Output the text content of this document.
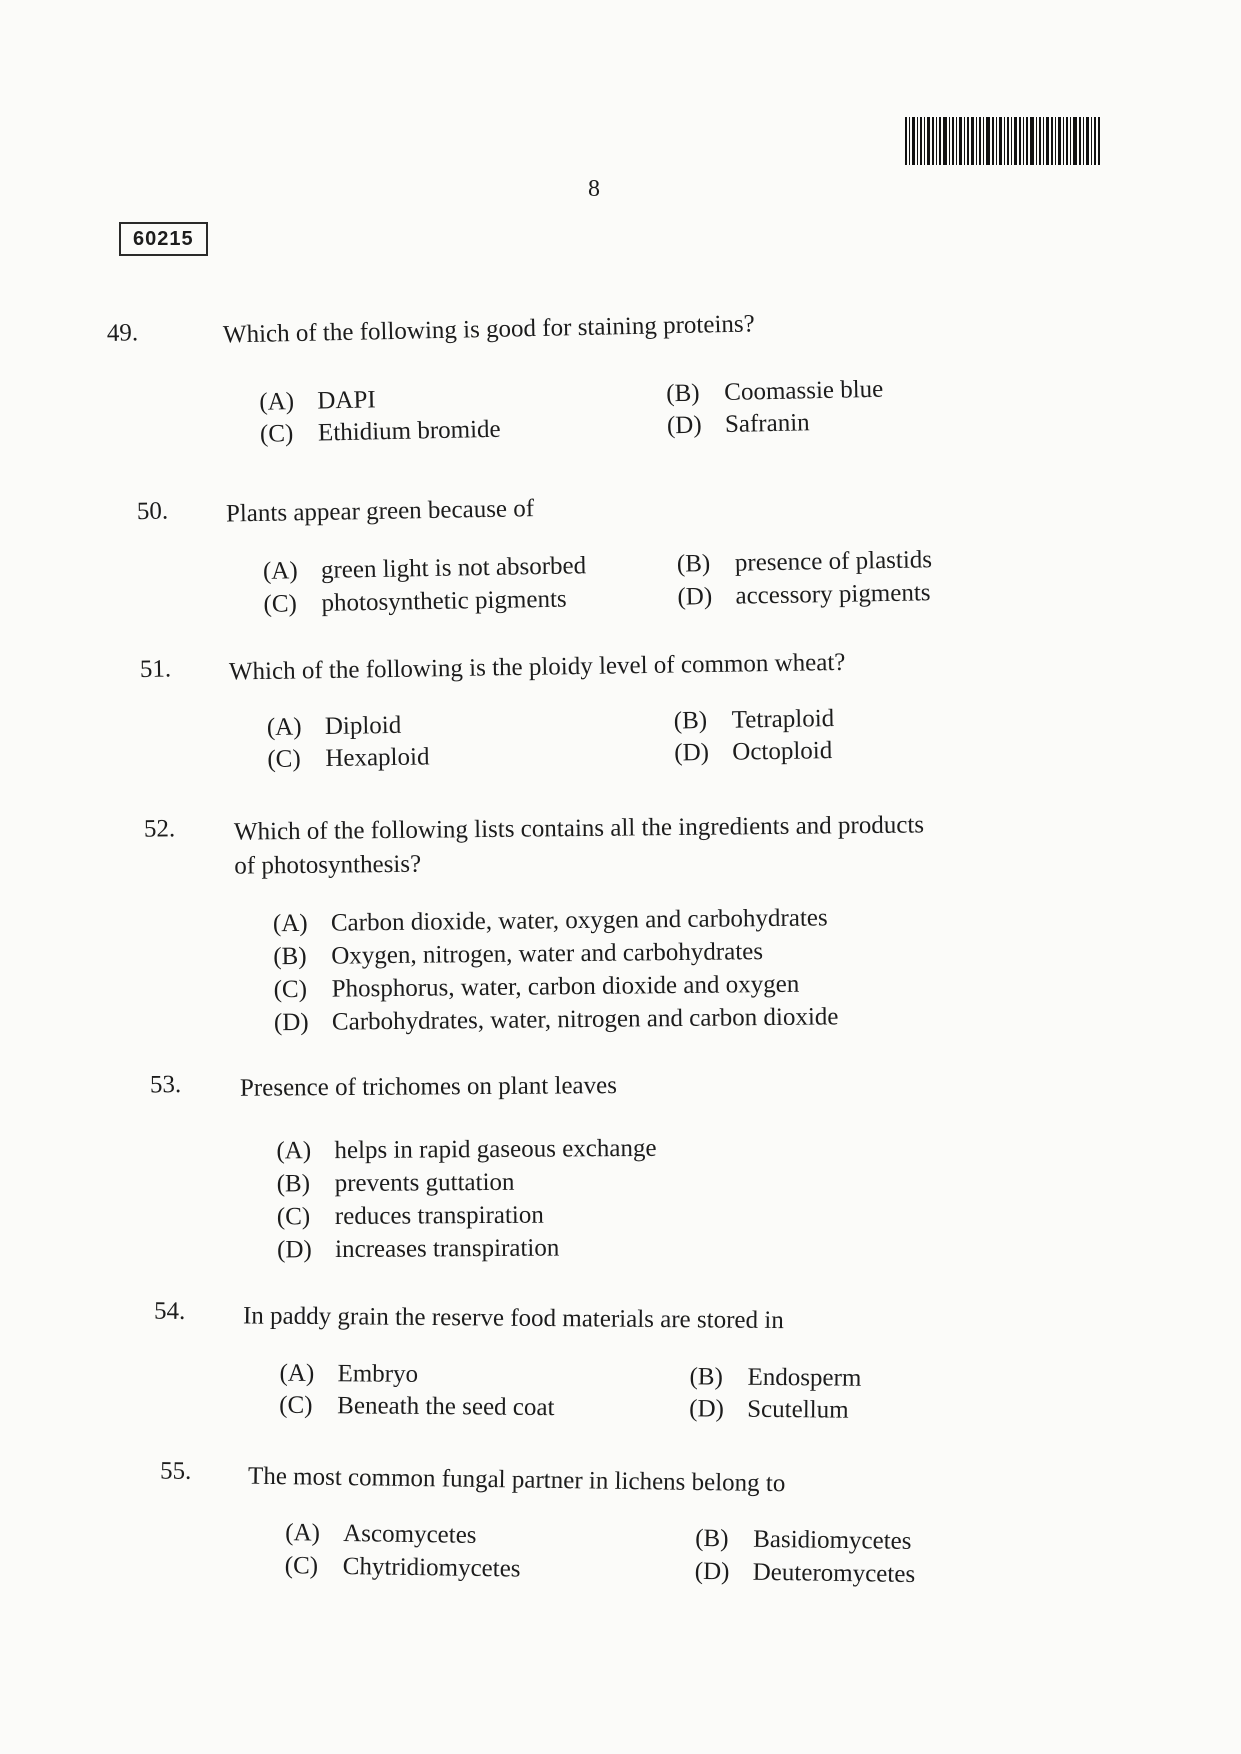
8
60215
49.	Which of the following is good for staining proteins?
(A) DAPI	(B) Coomassie blue
(C) Ethidium bromide	(D) Safranin
50.	Plants appear green because of
(A) green light is not absorbed	(B) presence of plastids
(C) photosynthetic pigments	(D) accessory pigments
51.	Which of the following is the ploidy level of common wheat?
(A) Diploid	(B) Tetraploid
(C) Hexaploid	(D) Octoploid
52.	Which of the following lists contains all the ingredients and products
of photosynthesis?
(A) Carbon dioxide, water, oxygen and carbohydrates
(B) Oxygen, nitrogen, water and carbohydrates
(C) Phosphorus, water, carbon dioxide and oxygen
(D) Carbohydrates, water, nitrogen and carbon dioxide
53.	Presence of trichomes on plant leaves
(A) helps in rapid gaseous exchange
(B) prevents guttation
(C) reduces transpiration
(D) increases transpiration
54.	In paddy grain the reserve food materials are stored in
(A) Embryo	(B) Endosperm
(C) Beneath the seed coat	(D) Scutellum
55.	The most common fungal partner in lichens belong to
(A) Ascomycetes	(B) Basidiomycetes
(C) Chytridiomycetes	(D) Deuteromycetes
